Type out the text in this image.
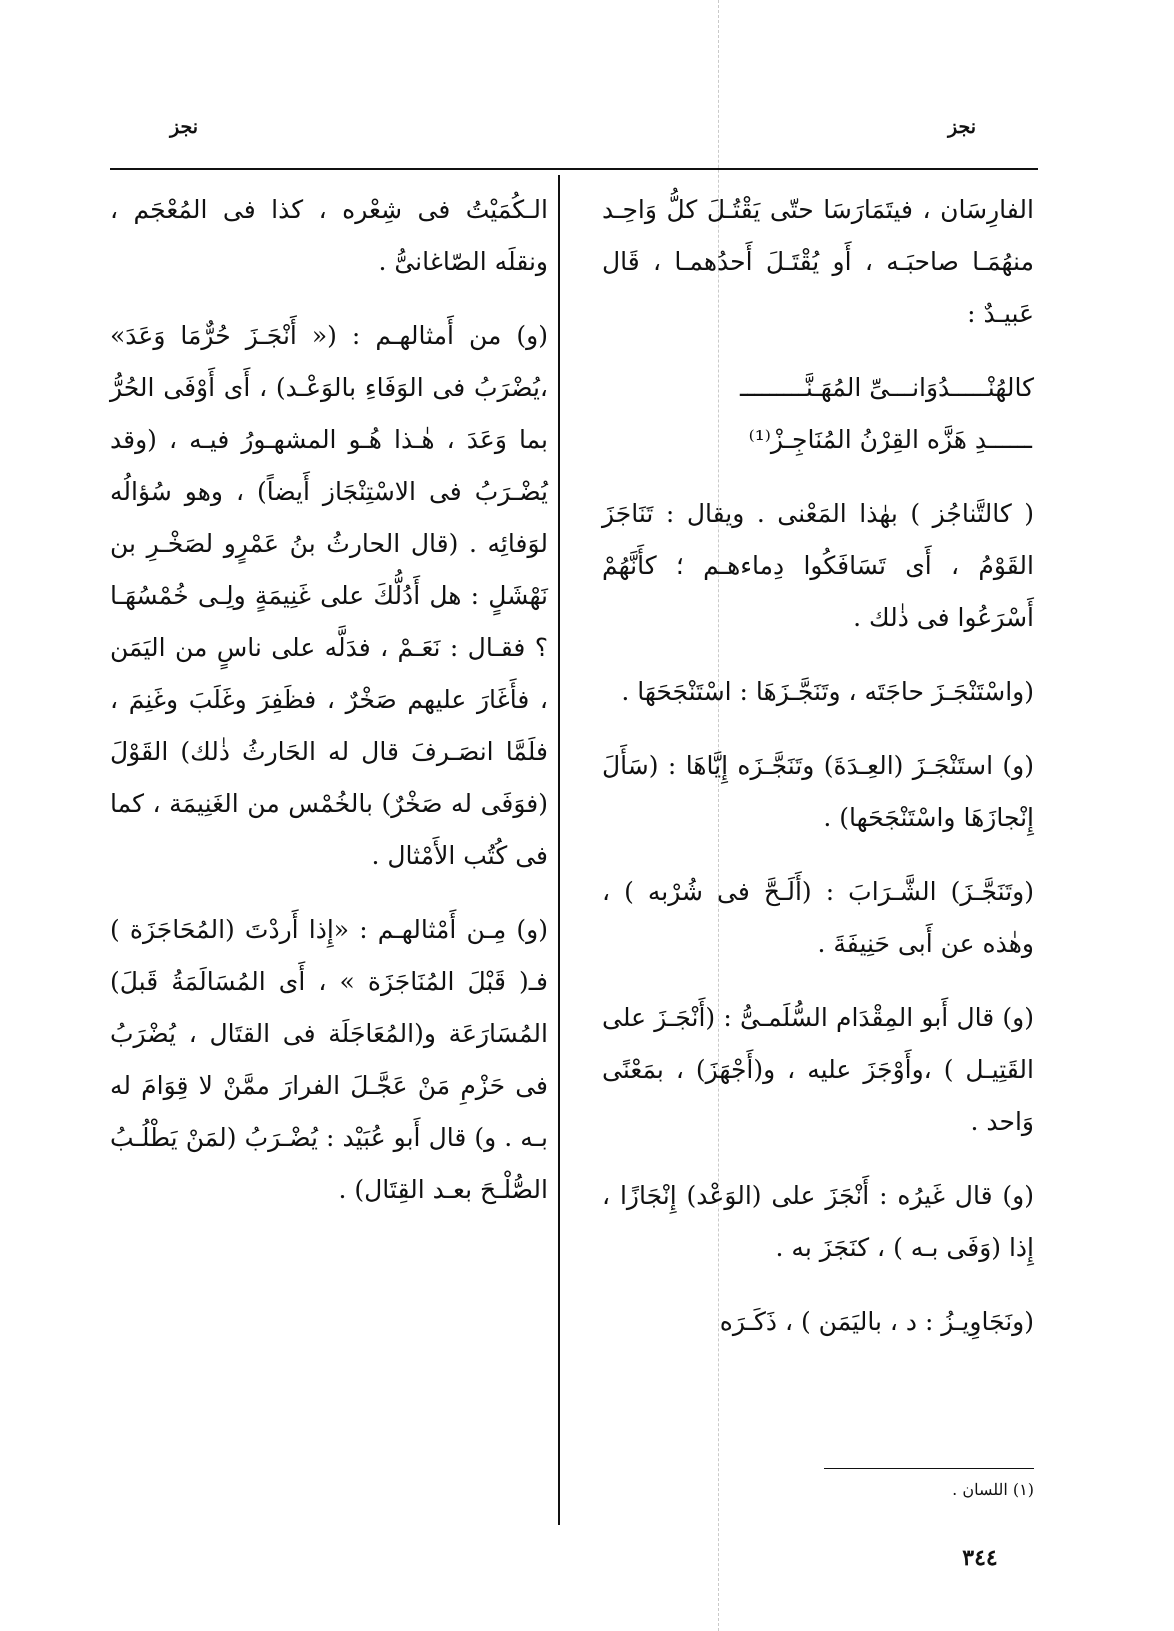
نجز
نجز

الفارِسَان ، فيتَمَارَسَا حتّى يَقْتُـلَ كلُّ وَاحِـد منهُمَـا صاحبَـه ، أَو يُقْتَـلَ أَحدُهمـا ، قَال عَبيـدٌ :

كالهُنْـــــدُوَانـــىِّ المُهَـنَّـــــــــ
ــــــدِ هَزَّه القِرْنُ المُنَاجِـزْ⁽¹⁾

( كالتَّناجُز ) بهٰذا المَعْنى . ويقال : تَنَاجَزَ القَوْمُ ، أَى تَسَافَكُوا دِماءهـم ؛ كأَنَّهُمْ أَسْرَعُوا فى ذٰلك .

(واسْتَنْجَـزَ حاجَتَه ، وتَنَجَّـزَهَا : اسْتَنْجَحَهَا .

(و) استَنْجَـزَ (العِـدَةَ) وتَنَجَّـزَه إِيَّاهَا : (سَأَلَ إِنْجازَهَا واسْتَنْجَحَها) .

(وتَنَجَّـزَ) الشَّـرَابَ : (أَلَـحَّ فى شُرْبه ) ، وهٰذه عن أَبى حَنِيفَةَ .

(و) قال أَبو المِقْدَام السُّلَمـىُّ : (أَنْجَـزَ على القَتِيـل ) ،وأَوْجَزَ عليه ، و(أَجْهَزَ) ، بمَعْنًى وَاحد .

(و) قال غَيرُه : أَنْجَزَ على (الوَعْد) إِنْجَازًا ، إِذا (وَفَى بـه ) ، كنَجَزَ به .

(ونَجَاوِيـزُ : د ، باليَمَن ) ، ذَكَـرَه

الـكُمَيْتُ فى شِعْره ، كذا فى المُعْجَم ، ونقلَه الصّاغانىُّ .

(و) من أَمثالهـم : (« أَنْجَـزَ حُرٌّمَا وَعَدَ» ،يُضْرَبُ فى الوَفَاءِ بالوَعْـد) ، أَى أَوْفَى الحُرُّ بما وَعَدَ ، هٰـذا هُـو المشهـورُ فيـه ، (وقد يُضْـرَبُ فى الاسْتِنْجَاز أَيضاً) ، وهو سُؤالُه لوَفائِه . (قال الحارثُ بنُ عَمْرٍو لصَخْـرِ بن نَهْشَلٍ : هل أَدُلُّكَ على غَنِيمَةٍ ولِـى خُمْسُهَـا ؟ فقـال : نَعَـمْ ، فدَلَّه على ناسٍ من اليَمَن ، فأَغَارَ عليهم صَخْرٌ ، فظَفِرَ وغَلَبَ وغَنِمَ ، فلَمَّا انصَـرفَ قال له الحَارثُ ذٰلك) القَوْلَ (فوَفَى له صَخْرٌ) بالخُمْس من الغَنِيمَة ، كما فى كُتُب الأَمْثال .

(و) مِـن أَمْثالهـم : «إِذا أَردْتَ (المُحَاجَزَة ) فـ( قَبْلَ المُنَاجَزَة » ، أَى المُسَالَمَةُ قَبلَ) المُسَارَعَة و(المُعَاجَلَة فى القتَال ، يُضْرَبُ فى حَزْمِ مَنْ عَجَّـلَ الفرارَ ممَّنْ لا قِوَامَ له بـه . و) قال أَبو عُبَيْد : يُضْـرَبُ (لمَنْ يَطْلُـبُ الصُّلْـحَ بعـد القِتَال) .

(١) اللسان .
٣٤٤
